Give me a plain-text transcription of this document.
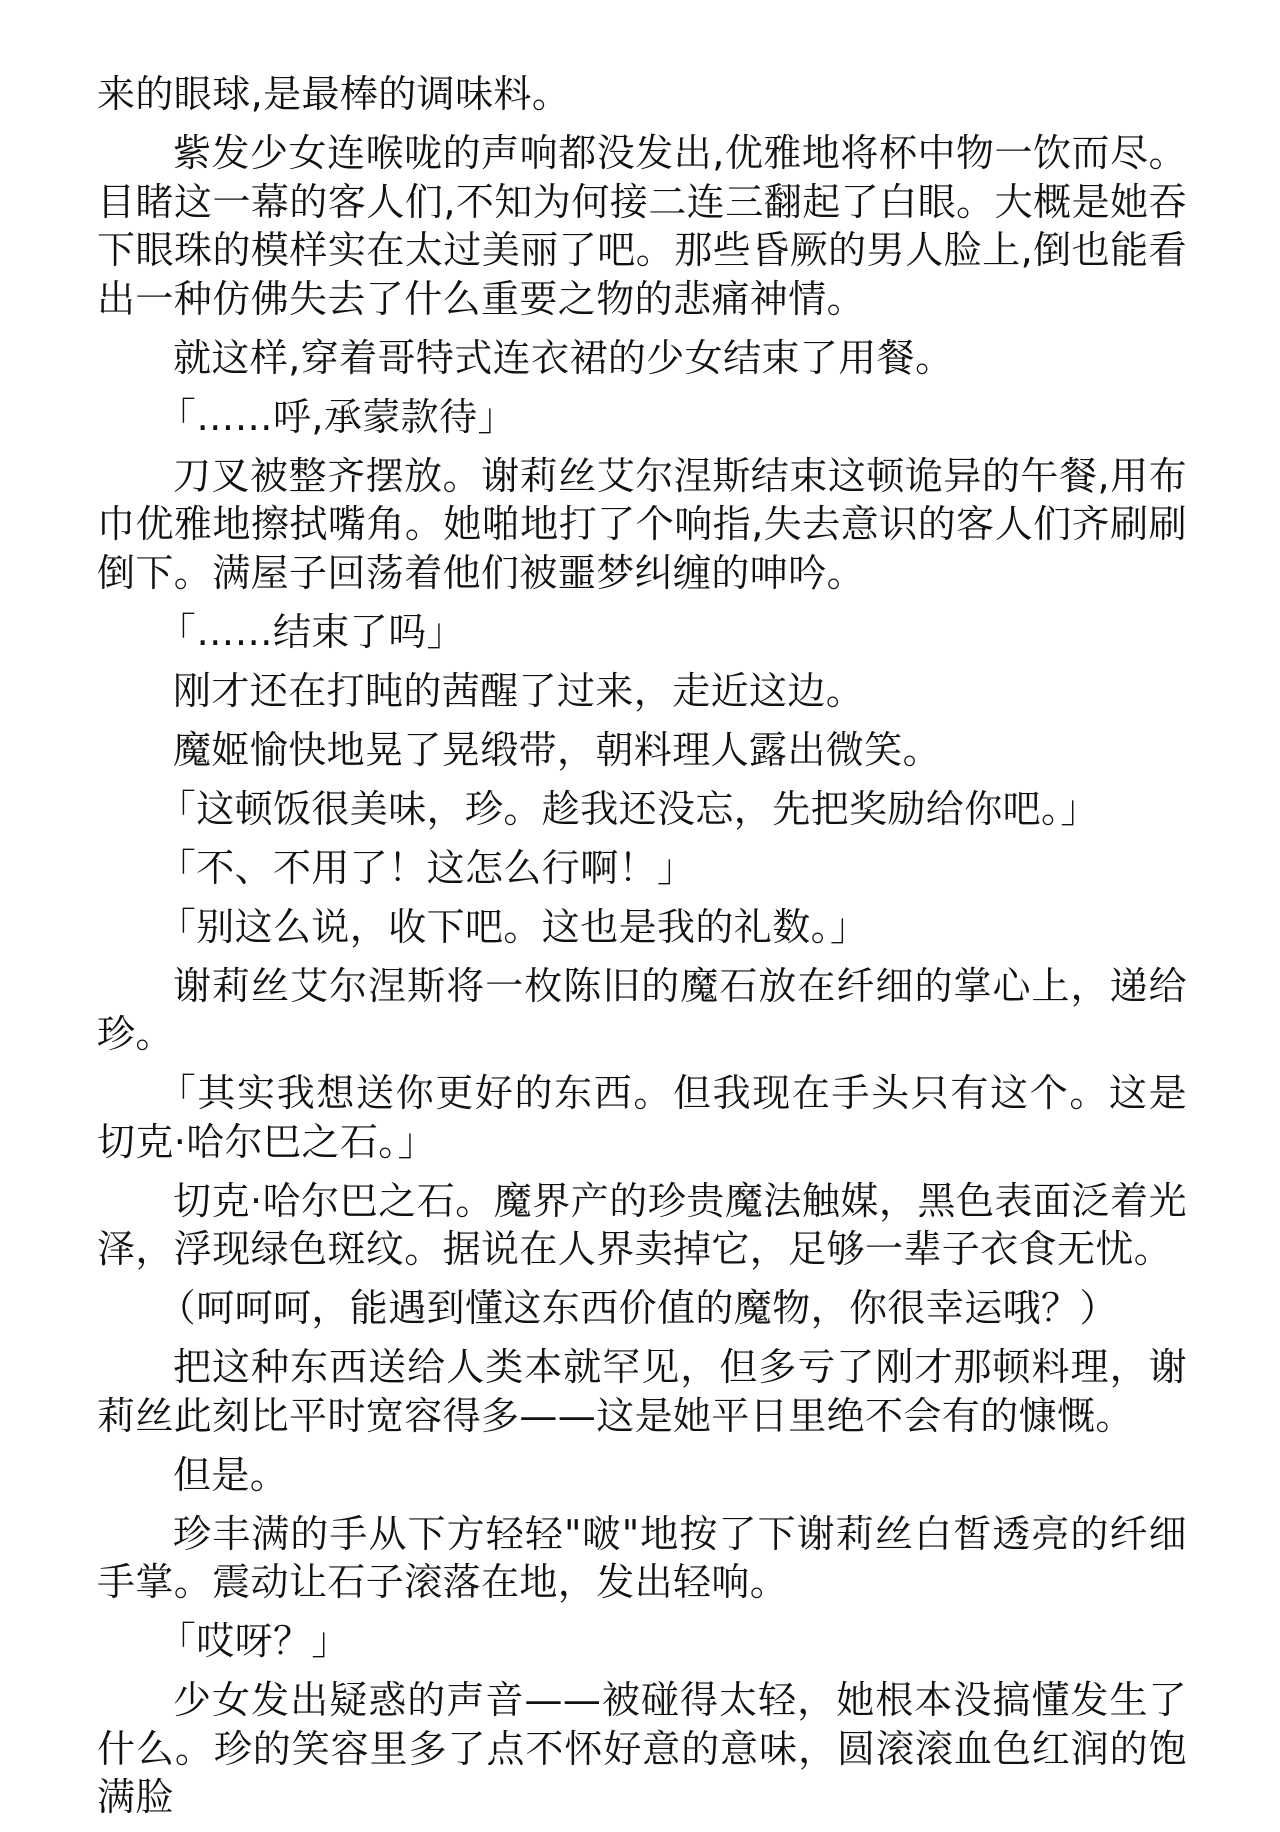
来的眼球,是最棒的调味料。

紫发少女连喉咙的声响都没发出,优雅地将杯中物一饮而尽。目睹这一幕的客人们,不知为何接二连三翻起了白眼。大概是她吞下眼珠的模样实在太过美丽了吧。那些昏厥的男人脸上,倒也能看出一种仿佛失去了什么重要之物的悲痛神情。

就这样,穿着哥特式连衣裙的少女结束了用餐。

「……呼,承蒙款待」

刀叉被整齐摆放。谢莉丝艾尔涅斯结束这顿诡异的午餐,用布巾优雅地擦拭嘴角。她啪地打了个响指,失去意识的客人们齐刷刷倒下。满屋子回荡着他们被噩梦纠缠的呻吟。

「……结束了吗」

刚才还在打盹的茜醒了过来，走近这边。

魔姬愉快地晃了晃缎带，朝料理人露出微笑。

「这顿饭很美味，珍。趁我还没忘，先把奖励给你吧。」

「不、不用了！这怎么行啊！」

「别这么说，收下吧。这也是我的礼数。」

谢莉丝艾尔涅斯将一枚陈旧的魔石放在纤细的掌心上，递给珍。

「其实我想送你更好的东西。但我现在手头只有这个。这是切克·哈尔巴之石。」

切克·哈尔巴之石。魔界产的珍贵魔法触媒，黑色表面泛着光泽，浮现绿色斑纹。据说在人界卖掉它，足够一辈子衣食无忧。

（呵呵呵，能遇到懂这东西价值的魔物，你很幸运哦？）

把这种东西送给人类本就罕见，但多亏了刚才那顿料理，谢莉丝此刻比平时宽容得多——这是她平日里绝不会有的慷慨。

但是。

珍丰满的手从下方轻轻"啵"地按了下谢莉丝白皙透亮的纤细手掌。震动让石子滚落在地，发出轻响。

「哎呀？」

少女发出疑惑的声音——被碰得太轻，她根本没搞懂发生了什么。珍的笑容里多了点不怀好意的意味，圆滚滚血色红润的饱满脸
